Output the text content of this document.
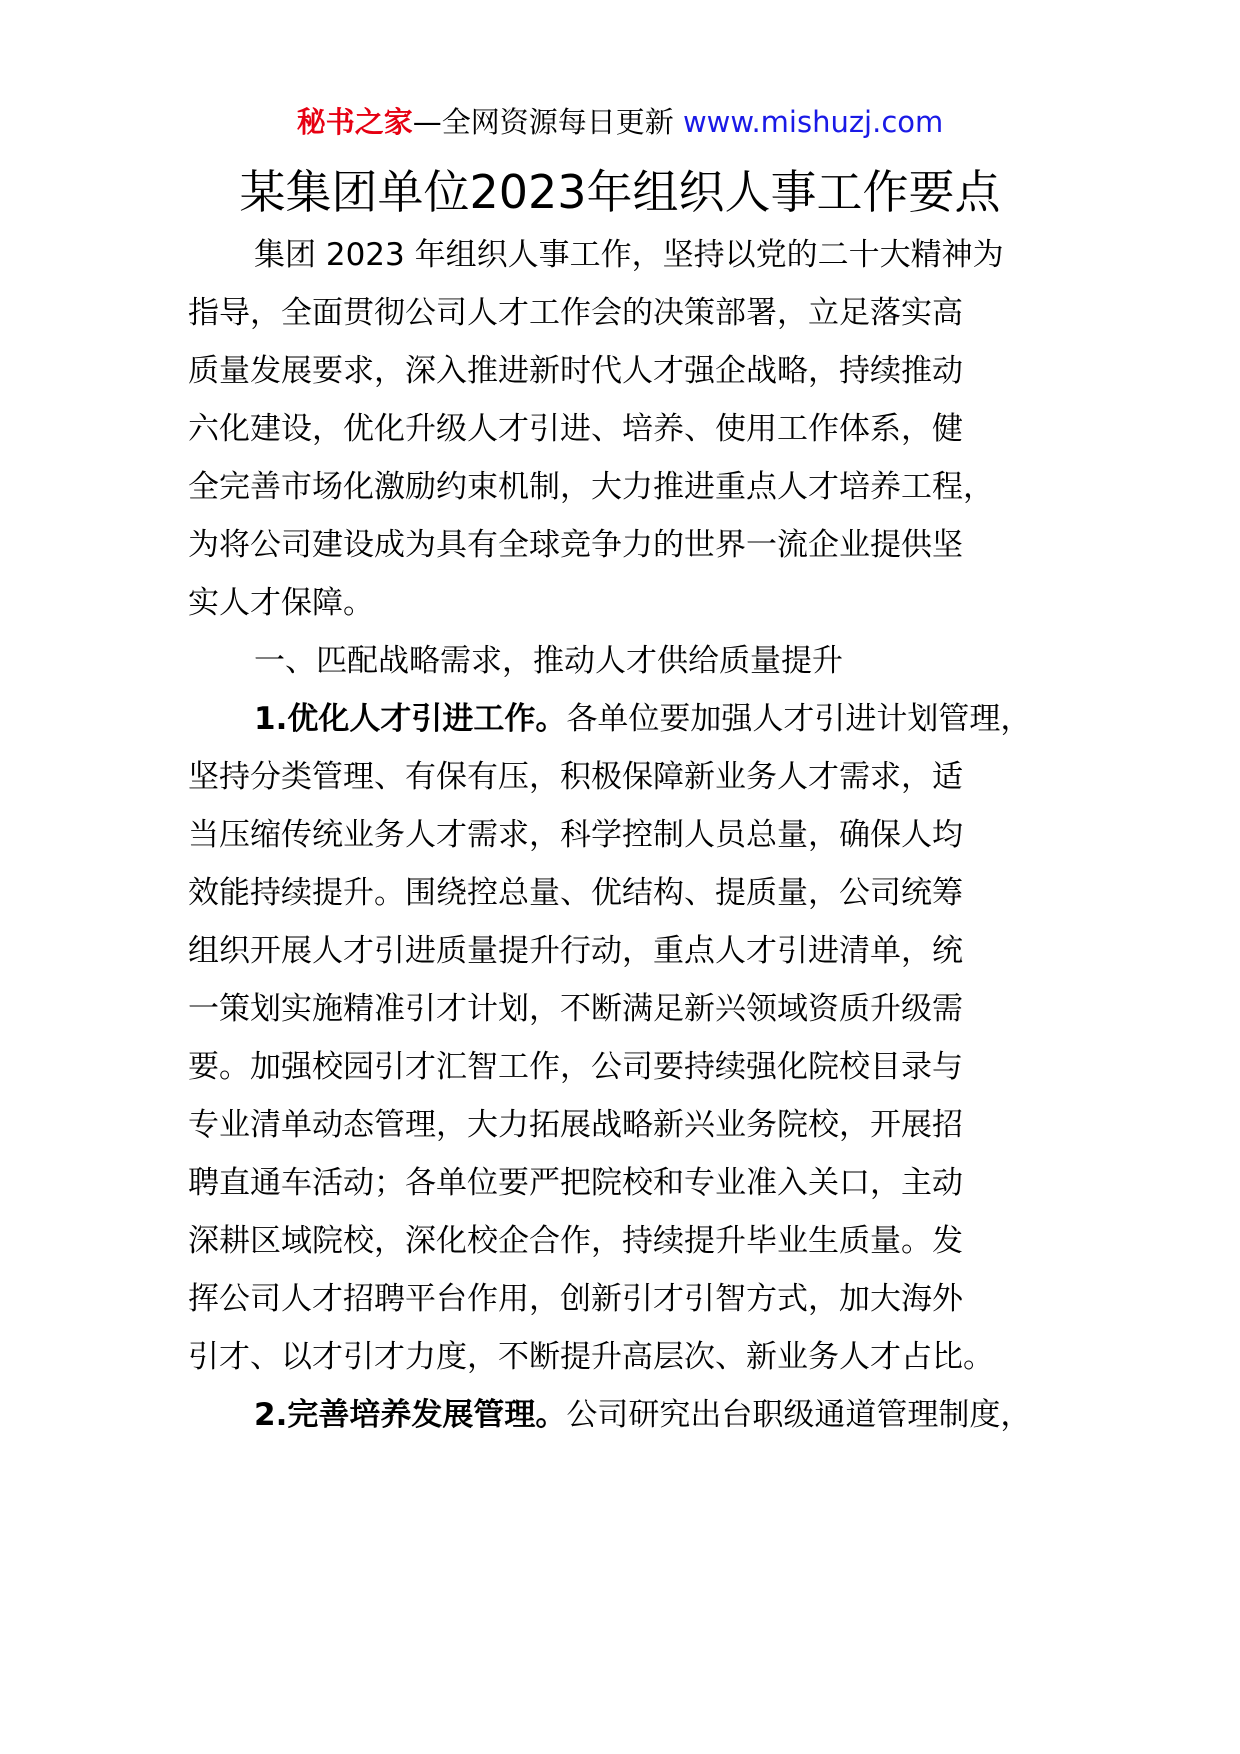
秘书之家—全网资源每日更新 www.mishuzj.com
某集团单位2023年组织人事工作要点
集团 2023 年组织人事工作，坚持以党的二十大精神为
指导，全面贯彻公司人才工作会的决策部署，立足落实高
质量发展要求，深入推进新时代人才强企战略，持续推动
六化建设，优化升级人才引进、培养、使用工作体系，健
全完善市场化激励约束机制，大力推进重点人才培养工程，
为将公司建设成为具有全球竞争力的世界一流企业提供坚
实人才保障。
一、匹配战略需求，推动人才供给质量提升
1.优化人才引进工作。各单位要加强人才引进计划管理，
坚持分类管理、有保有压，积极保障新业务人才需求，适
当压缩传统业务人才需求，科学控制人员总量，确保人均
效能持续提升。围绕控总量、优结构、提质量，公司统筹
组织开展人才引进质量提升行动，重点人才引进清单，统
一策划实施精准引才计划，不断满足新兴领域资质升级需
要。加强校园引才汇智工作，公司要持续强化院校目录与
专业清单动态管理，大力拓展战略新兴业务院校，开展招
聘直通车活动；各单位要严把院校和专业准入关口，主动
深耕区域院校，深化校企合作，持续提升毕业生质量。发
挥公司人才招聘平台作用，创新引才引智方式，加大海外
引才、以才引才力度，不断提升高层次、新业务人才占比。
2.完善培养发展管理。公司研究出台职级通道管理制度，
